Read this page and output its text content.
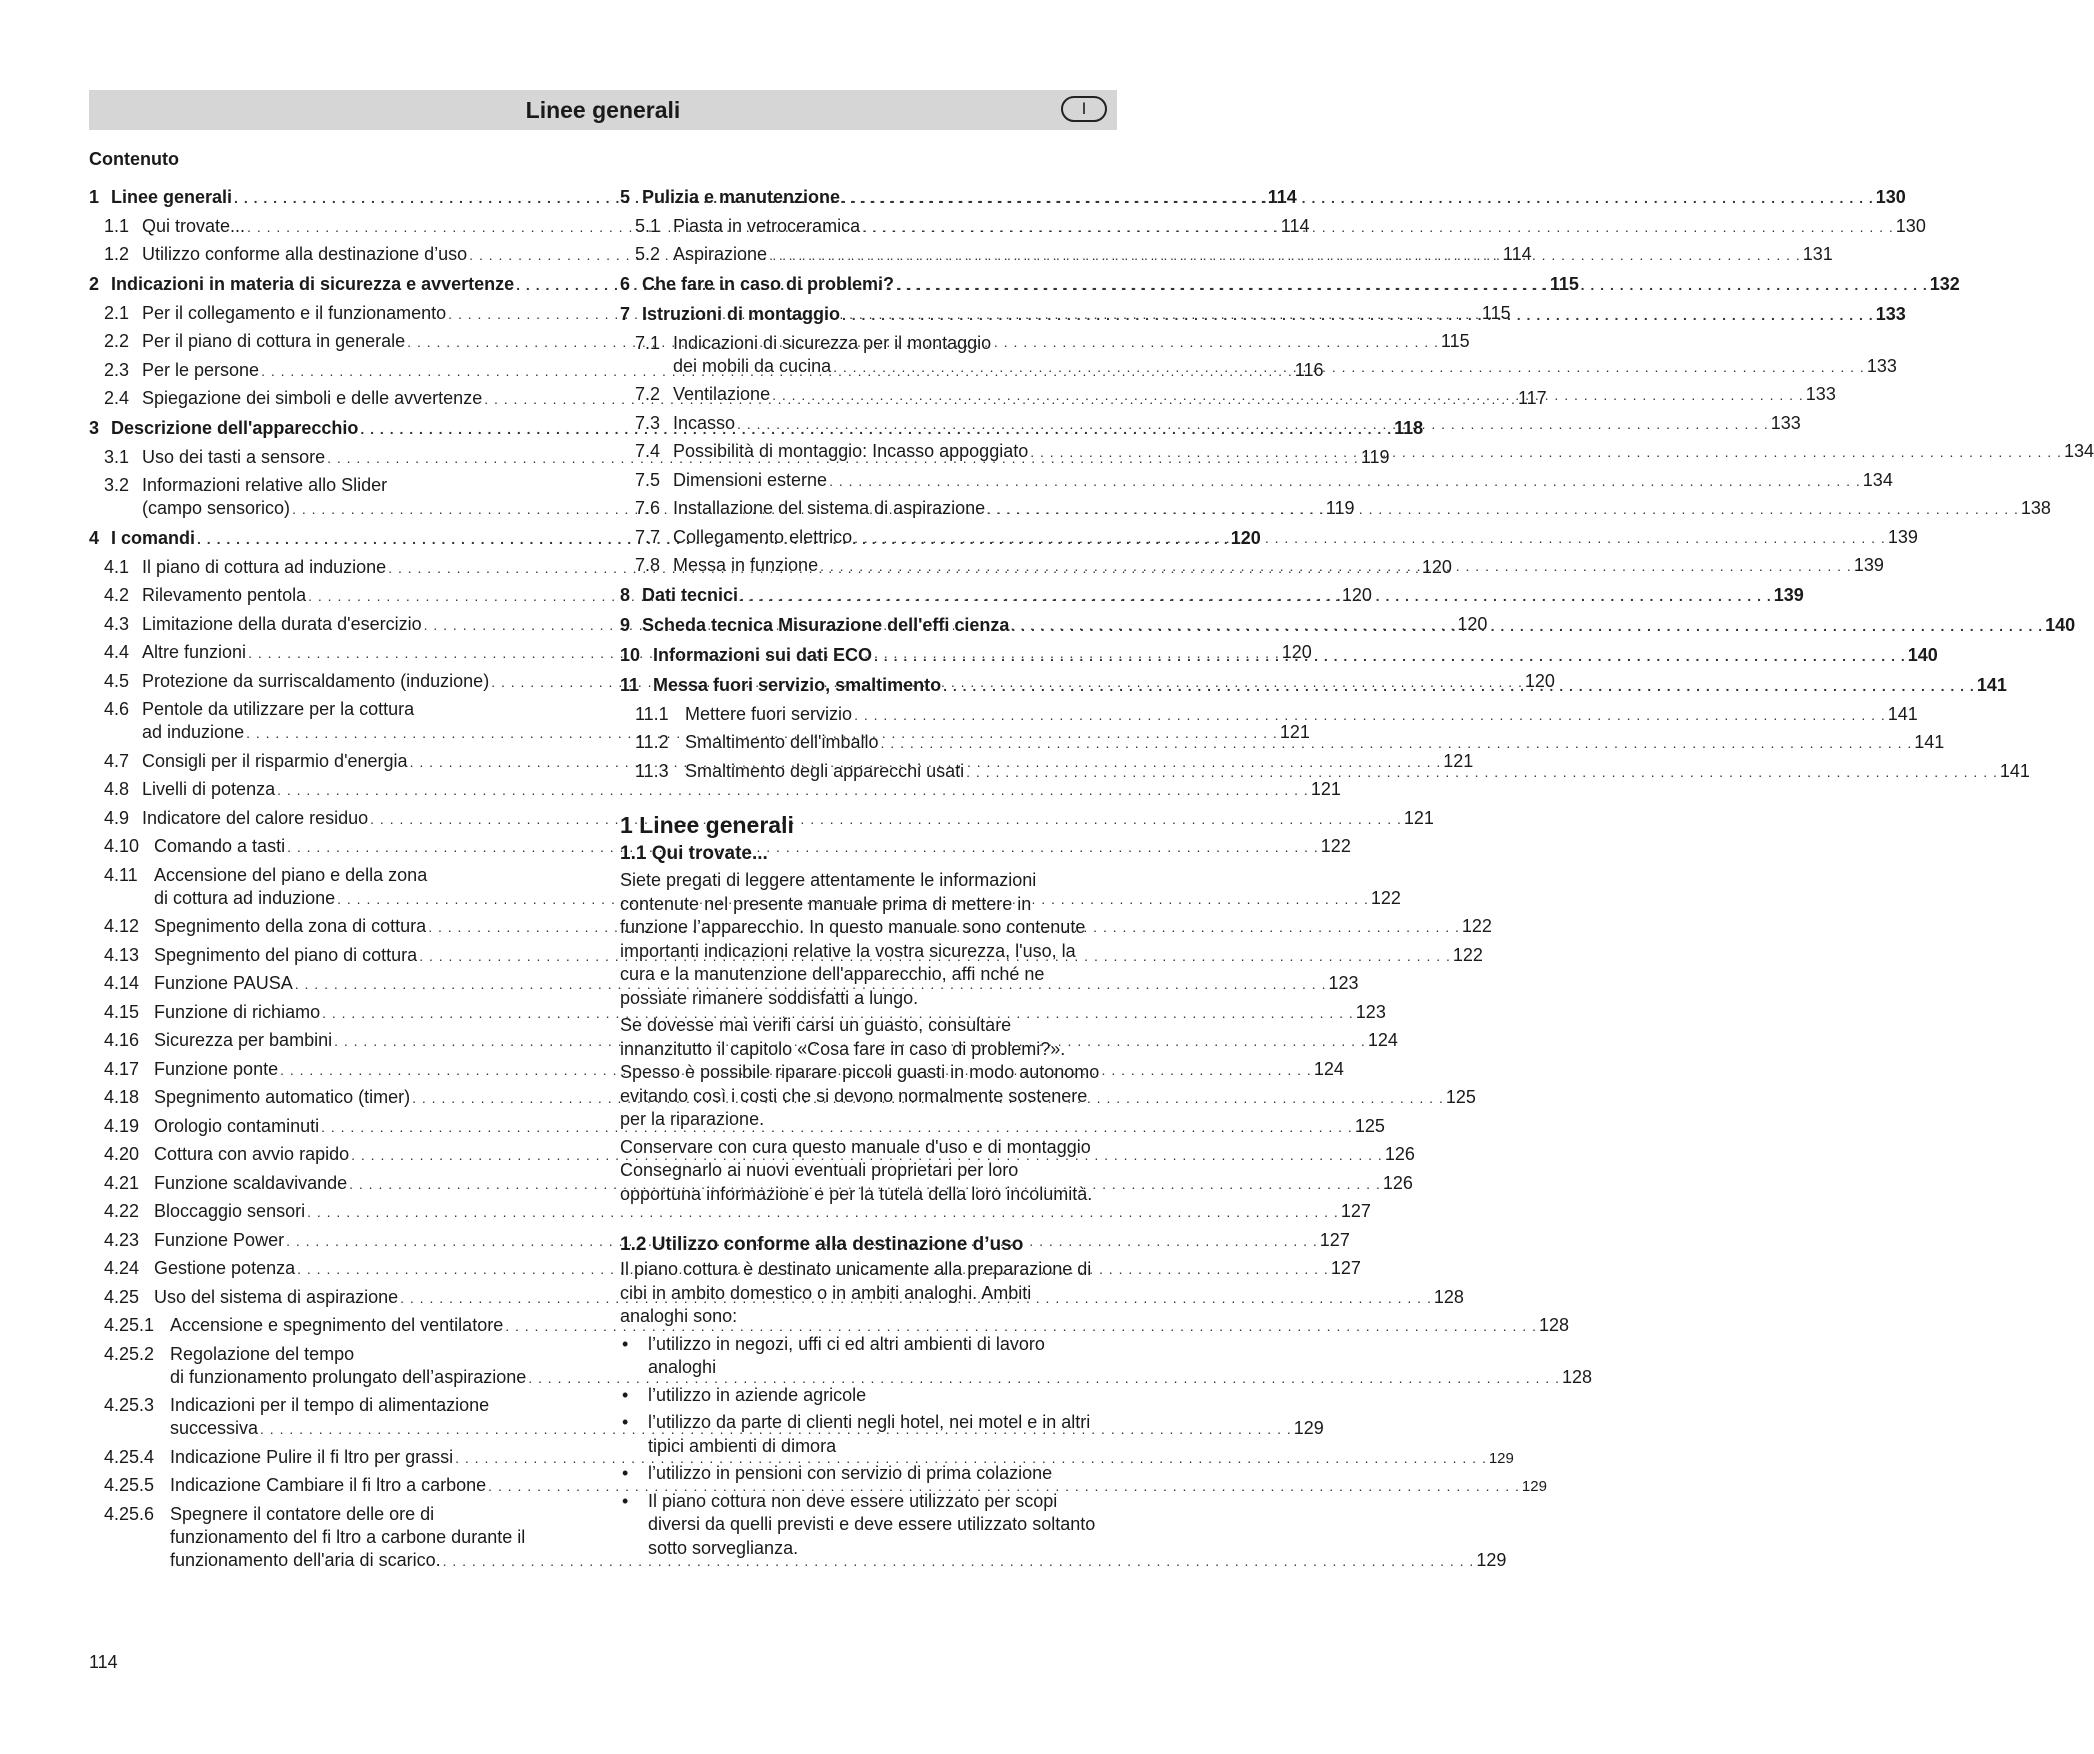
Linee generali	I
Contenuto
1 Linee generali . . .	114
1.1 Qui trovate... . . .	114
1.2 Utilizzo conforme alla destinazione d’uso . . .	114
2 Indicazioni in materia di sicurezza e avvertenze . . .	115
2.1 Per il collegamento e il funzionamento . . .	115
2.2 Per il piano di cottura in generale . . .	115
2.3 Per le persone . . .	116
2.4 Spiegazione dei simboli e delle avvertenze . . .	117
3 Descrizione dell'apparecchio . . .	118
3.1 Uso dei tasti a sensore . . .	119
3.2 Informazioni relative allo Slider
(campo sensorico) . . .	119
4 I comandi . . .	120
4.1 Il piano di cottura ad induzione . . .	120
4.2 Rilevamento pentola . . .	120
4.3 Limitazione della durata d'esercizio . . .	120
4.4 Altre funzioni . . .	120
4.5 Protezione da surriscaldamento (induzione) . . .	120
4.6 Pentole da utilizzare per la cottura
ad induzione . . .	121
4.7 Consigli per il risparmio d'energia . . .	121
4.8 Livelli di potenza . . .	121
4.9 Indicatore del calore residuo . . .	121
4.10 Comando a tasti . . .	122
4.11 Accensione del piano e della zona
di cottura ad induzione . . .	122
4.12 Spegnimento della zona di cottura . . .	122
4.13 Spegnimento del piano di cottura . . .	122
4.14 Funzione PAUSA . . .	123
4.15 Funzione di richiamo . . .	123
4.16 Sicurezza per bambini . . .	124
4.17 Funzione ponte . . .	124
4.18 Spegnimento automatico (timer) . . .	125
4.19 Orologio contaminuti . . .	125
4.20 Cottura con avvio rapido . . .	126
4.21 Funzione scaldavivande . . .	126
4.22 Bloccaggio sensori . . .	127
4.23 Funzione Power . . .	127
4.24 Gestione potenza . . .	127
4.25 Uso del sistema di aspirazione . . .	128
4.25.1 Accensione e spegnimento del ventilatore . . .	128
4.25.2 Regolazione del tempo
di funzionamento prolungato dell’aspirazione . . .	128
4.25.3 Indicazioni per il tempo di alimentazione
successiva . . .	129
4.25.4 Indicazione Pulire il fi ltro per grassi . . .	129
4.25.5 Indicazione Cambiare il fi ltro a carbone . . .	129
4.25.6 Spegnere il contatore delle ore di
funzionamento del fi ltro a carbone durante il
funzionamento dell'aria di scarico. . . .	129
5 Pulizia e manutenzione . . .	130
5.1 Piasta in vetroceramica . . .	130
5.2 Aspirazione . . .	131
6 Che fare in caso di problemi? . . .	132
7 Istruzioni di montaggio . . .	133
7.1 Indicazioni di sicurezza per il montaggio
dei mobili da cucina . . .	133
7.2 Ventilazione . . .	133
7.3 Incasso . . .	133
7.4 Possibilità di montaggio: Incasso appoggiato . . .	134
7.5 Dimensioni esterne . . .	134
7.6 Installazione del sistema di aspirazione . . .	138
7.7 Collegamento elettrico . . .	139
7.8 Messa in funzione . . .	139
8 Dati tecnici . . .	139
9 Scheda tecnica Misurazione dell'effi cienza . . .	140
10 Informazioni sui dati ECO . . .	140
11 Messa fuori servizio, smaltimento . . .	141
11.1 Mettere fuori servizio . . .	141
11.2 Smaltimento dell'imballo . . .	141
11.3 Smaltimento degli apparecchi usati . . .	141
1 Linee generali
1.1 Qui trovate...

Siete pregati di leggere attentamente le informazioni contenute nel presente manuale prima di mettere in funzione l’apparecchio. In questo manuale sono contenute importanti indicazioni relative la vostra sicurezza, l'uso, la cura e la manutenzione dell'apparecchio, affi nché ne possiate rimanere soddisfatti a lungo.

Se dovesse mai verifi carsi un guasto, consultare innanzitutto il capitolo «Cosa fare in caso di problemi?». Spesso è possibile riparare piccoli guasti in modo autonomo evitando così i costi che si devono normalmente sostenere per la riparazione.

Conservare con cura questo manuale d'uso e di montaggio Consegnarlo ai nuovi eventuali proprietari per loro opportuna informazione e per la tutela della loro incolumità.

1.2 Utilizzo conforme alla destinazione d’uso

Il piano cottura è destinato unicamente alla preparazione di cibi in ambito domestico o in ambiti analoghi. Ambiti analoghi sono:

• l’utilizzo in negozi, uffi ci ed altri ambienti di lavoro analoghi
• l’utilizzo in aziende agricole
• l’utilizzo da parte di clienti negli hotel, nei motel e in altri tipici ambienti di dimora
• l’utilizzo in pensioni con servizio di prima colazione
• Il piano cottura non deve essere utilizzato per scopi diversi da quelli previsti e deve essere utilizzato soltanto sotto sorveglianza.
114
